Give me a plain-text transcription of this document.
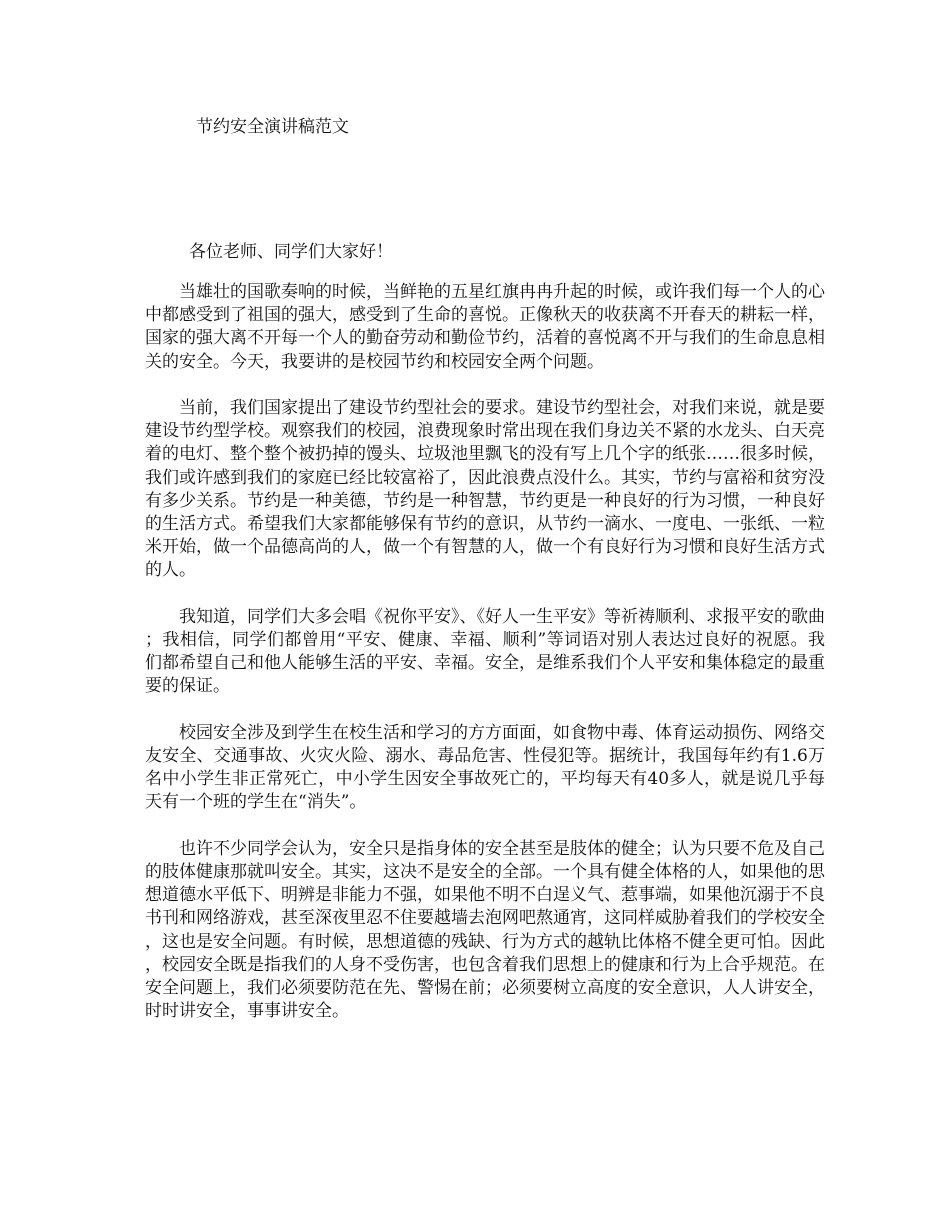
节约安全演讲稿范文
各位老师、同学们大家好！

当雄壮的国歌奏响的时候，当鲜艳的五星红旗冉冉升起的时候，或许我们每一个人的心中都感受到了祖国的强大，感受到了生命的喜悦。正像秋天的收获离不开春天的耕耘一样，国家的强大离不开每一个人的勤奋劳动和勤俭节约，活着的喜悦离不开与我们的生命息息相关的安全。今天，我要讲的是校园节约和校园安全两个问题。

当前，我们国家提出了建设节约型社会的要求。建设节约型社会，对我们来说，就是要建设节约型学校。观察我们的校园，浪费现象时常出现在我们身边关不紧的水龙头、白天亮着的电灯、整个整个被扔掉的馒头、垃圾池里飘飞的没有写上几个字的纸张……很多时候，我们或许感到我们的家庭已经比较富裕了，因此浪费点没什么。其实，节约与富裕和贫穷没有多少关系。节约是一种美德，节约是一种智慧，节约更是一种良好的行为习惯，一种良好的生活方式。希望我们大家都能够保有节约的意识，从节约一滴水、一度电、一张纸、一粒米开始，做一个品德高尚的人，做一个有智慧的人，做一个有良好行为习惯和良好生活方式的人。

我知道，同学们大多会唱《祝你平安》、《好人一生平安》等祈祷顺利、求报平安的歌曲；我相信，同学们都曾用“平安、健康、幸福、顺利”等词语对别人表达过良好的祝愿。我们都希望自己和他人能够生活的平安、幸福。安全，是维系我们个人平安和集体稳定的最重要的保证。

校园安全涉及到学生在校生活和学习的方方面面，如食物中毒、体育运动损伤、网络交友安全、交通事故、火灾火险、溺水、毒品危害、性侵犯等。据统计，我国每年约有1.6万名中小学生非正常死亡，中小学生因安全事故死亡的，平均每天有40多人，就是说几乎每天有一个班的学生在“消失”。

也许不少同学会认为，安全只是指身体的安全甚至是肢体的健全；认为只要不危及自己的肢体健康那就叫安全。其实，这决不是安全的全部。一个具有健全体格的人，如果他的思想道德水平低下、明辨是非能力不强，如果他不明不白逞义气、惹事端，如果他沉溺于不良书刊和网络游戏，甚至深夜里忍不住要越墙去泡网吧熬通宵，这同样威胁着我们的学校安全，这也是安全问题。有时候，思想道德的残缺、行为方式的越轨比体格不健全更可怕。因此，校园安全既是指我们的人身不受伤害，也包含着我们思想上的健康和行为上合乎规范。在安全问题上，我们必须要防范在先、警惕在前；必须要树立高度的安全意识，人人讲安全，时时讲安全，事事讲安全。
